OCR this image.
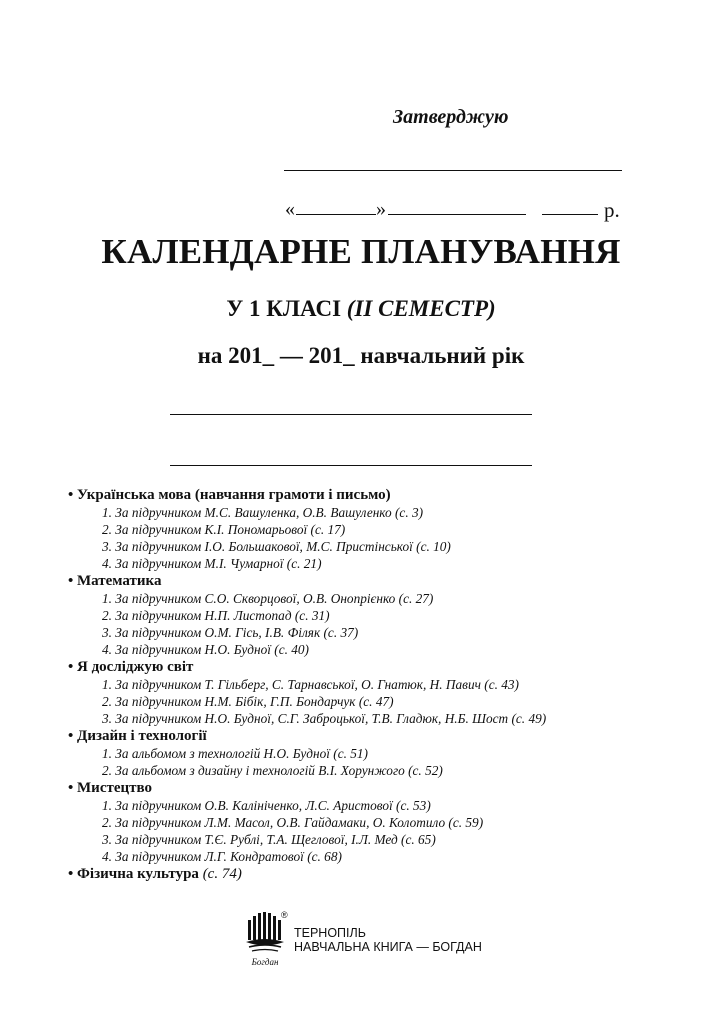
Затверджую
«	»	р.
КАЛЕНДАРНЕ ПЛАНУВАННЯ
У 1 КЛАСІ (ІІ СЕМЕСТР)
на 201_ — 201_ навчальний рік
• Українська мова (навчання грамоти і письмо)
1. За підручником М.С. Вашуленка, О.В. Вашуленко (с. 3)
2. За підручником К.І. Пономарьової (с. 17)
3. За підручником І.О. Большакової, М.С. Пристінської (с. 10)
4. За підручником М.І. Чумарної (с. 21)
• Математика
1. За підручником С.О. Скворцової, О.В. Онопрієнко (с. 27)
2. За підручником Н.П. Листопад (с. 31)
3. За підручником О.М. Гісь, І.В. Філяк (с. 37)
4. За підручником Н.О. Будної (с. 40)
• Я досліджую світ
1. За підручником Т. Гільберг, С. Тарнавської, О. Гнатюк, Н. Павич (с. 43)
2. За підручником Н.М. Бібік, Г.П. Бондарчук (с. 47)
3. За підручником Н.О. Будної, С.Г. Заброцької, Т.В. Гладюк, Н.Б. Шост (с. 49)
• Дизайн і технології
1. За альбомом з технологій Н.О. Будної (с. 51)
2. За альбомом з дизайну і технологій В.І. Хорунжого (с. 52)
• Мистецтво
1. За підручником О.В. Калініченко, Л.С. Аристової (с. 53)
2. За підручником Л.М. Масол, О.В. Гайдамаки, О. Колотило (с. 59)
3. За підручником Т.Є. Рублі, Т.А. Щеглової, І.Л. Мед (с. 65)
4. За підручником Л.Г. Кондратової (с. 68)
• Фізична культура (с. 74)
Богдан
®
ТЕРНОПІЛЬ
НАВЧАЛЬНА КНИГА — БОГДАН
